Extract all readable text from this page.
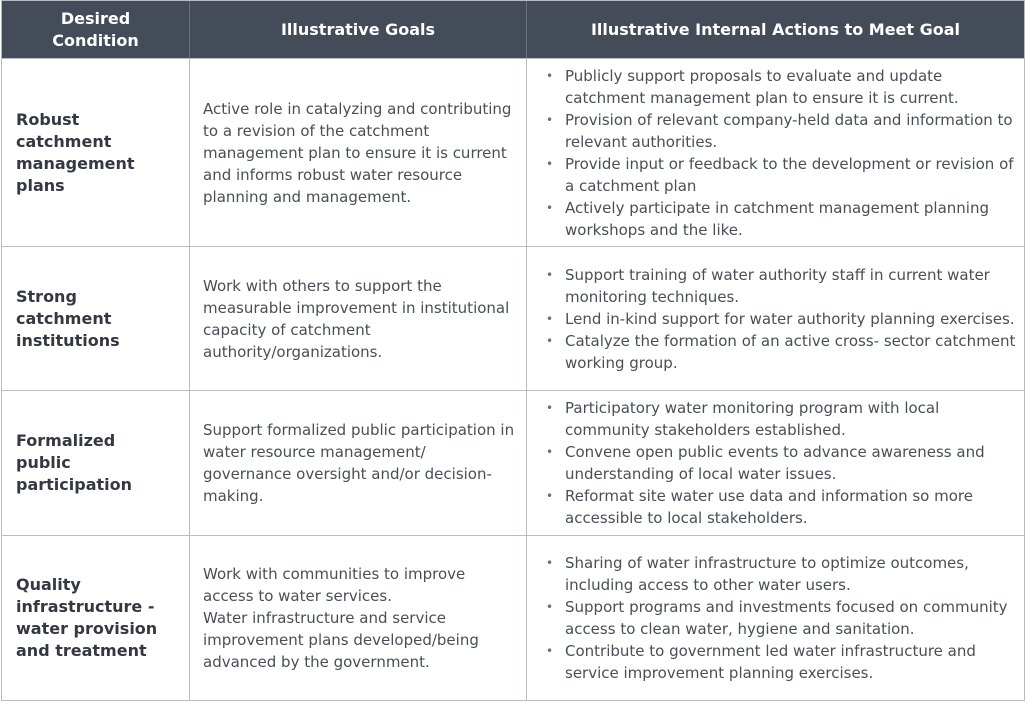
Desired Condition
Illustrative Goals	Illustrative Internal Actions to Meet Goal
Robust catchment management plans
Active role in catalyzing and contributing to a revision of the catchment management plan to ensure it is current and informs robust water resource planning and management.
• Publicly support proposals to evaluate and update catchment management plan to ensure it is current.
• Provision of relevant company-held data and information to relevant authorities.
• Provide input or feedback to the development or revision of a catchment plan
• Actively participate in catchment management planning workshops and the like.
Strong catchment institutions
Work with others to support the measurable improvement in institutional capacity of catchment authority/organizations.
• Support training of water authority staff in current water monitoring techniques.
• Lend in-kind support for water authority planning exercises.
• Catalyze the formation of an active cross- sector catchment working group.
Formalized public participation
Support formalized public participation in water resource management/ governance oversight and/or decision-making.
• Participatory water monitoring program with local community stakeholders established.
• Convene open public events to advance awareness and understanding of local water issues.
• Reformat site water use data and information so more accessible to local stakeholders.
Quality infrastructure - water provision and treatment
Work with communities to improve access to water services.
Water infrastructure and service improvement plans developed/being advanced by the government.
• Sharing of water infrastructure to optimize outcomes, including access to other water users.
• Support programs and investments focused on community access to clean water, hygiene and sanitation.
• Contribute to government led water infrastructure and service improvement planning exercises.
